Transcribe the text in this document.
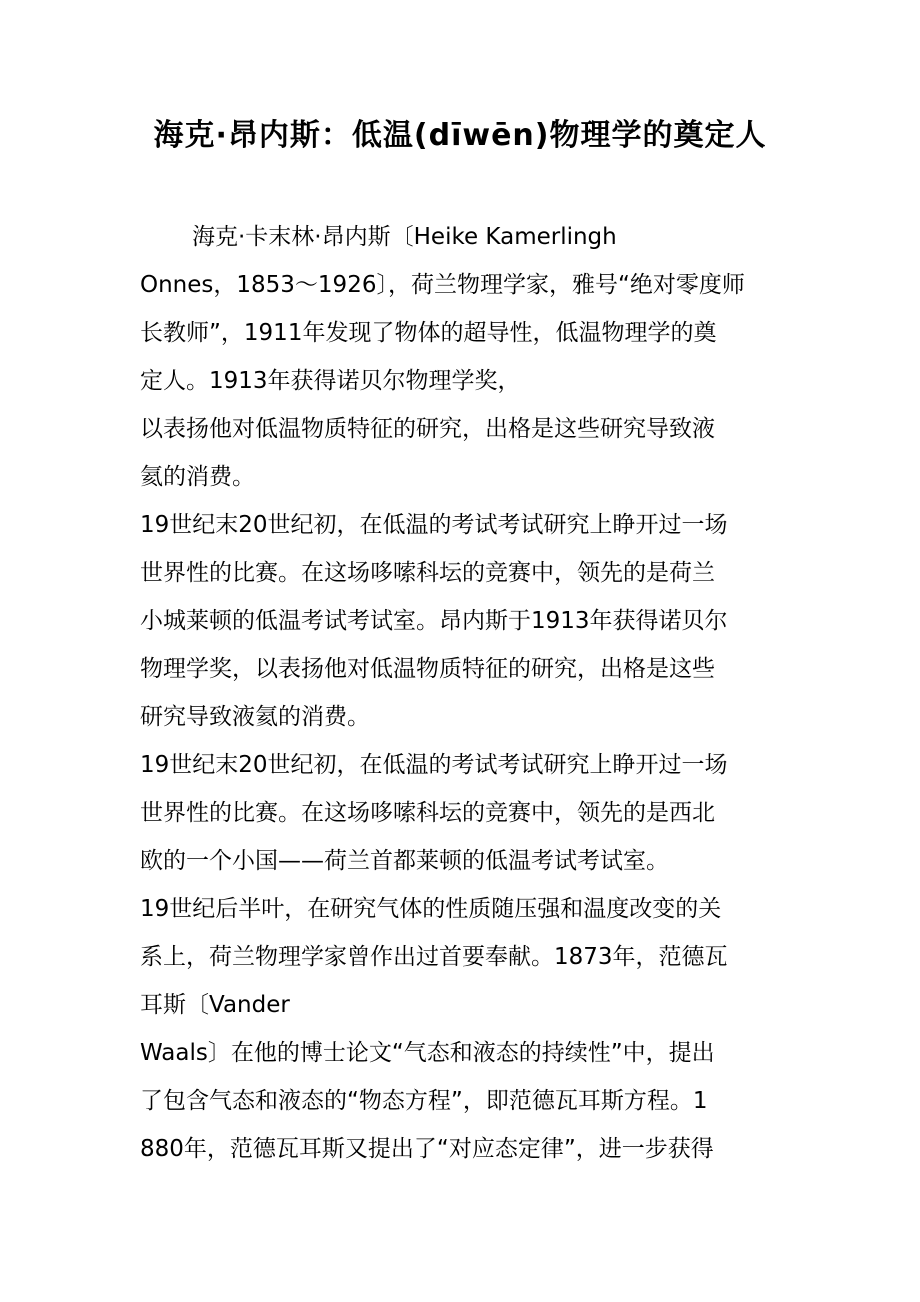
海克·昂内斯：低温(dīwēn)物理学的奠定人

海克·卡末林·昂内斯〔Heike Kamerlingh

Onnes，1853～1926〕，荷兰物理学家，雅号“绝对零度师

长教师”，1911年发现了物体的超导性，低温物理学的奠

定人。1913年获得诺贝尔物理学奖，

以表扬他对低温物质特征的研究，出格是这些研究导致液

氦的消费。

19世纪末20世纪初，在低温的考试考试研究上睁开过一场

世界性的比赛。在这场哆嗦科坛的竞赛中，领先的是荷兰

小城莱顿的低温考试考试室。昂内斯于1913年获得诺贝尔

物理学奖，以表扬他对低温物质特征的研究，出格是这些

研究导致液氦的消费。

19世纪末20世纪初，在低温的考试考试研究上睁开过一场

世界性的比赛。在这场哆嗦科坛的竞赛中，领先的是西北

欧的一个小国——荷兰首都莱顿的低温考试考试室。

19世纪后半叶，在研究气体的性质随压强和温度改变的关

系上，荷兰物理学家曾作出过首要奉献。1873年，范德瓦

耳斯〔Vander

Waals〕在他的博士论文“气态和液态的持续性”中，提出

了包含气态和液态的“物态方程”，即范德瓦耳斯方程。1

880年，范德瓦耳斯又提出了“对应态定律”，进一步获得
